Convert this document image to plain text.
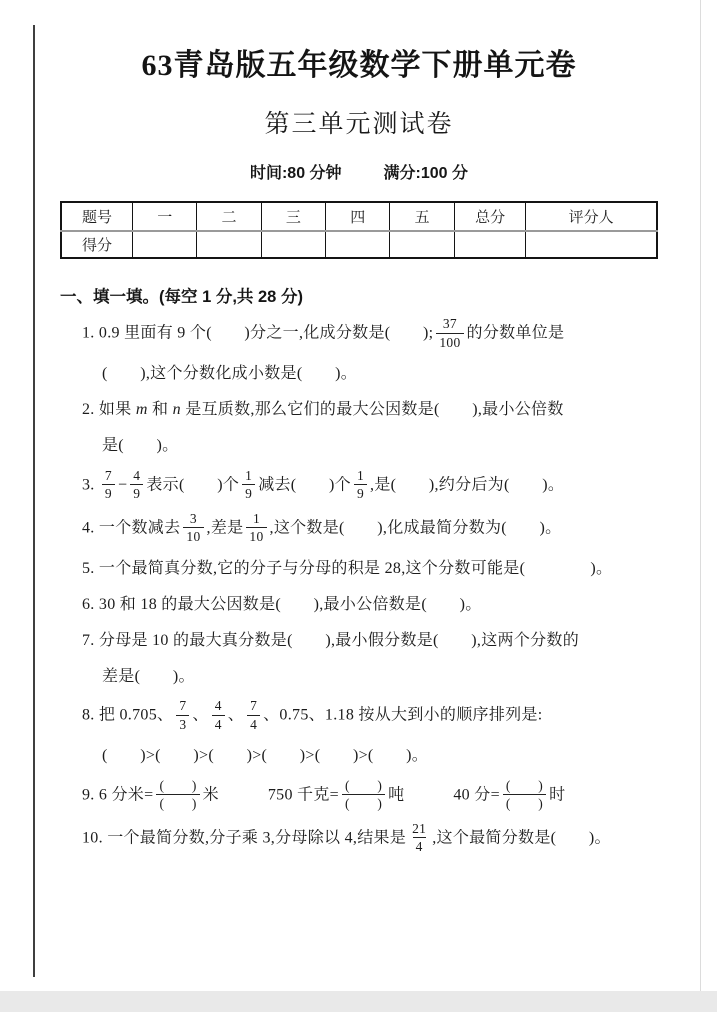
63青岛版五年级数学下册单元卷
第三单元测试卷
时间:80 分钟	满分:100 分
题号	一	二	三	四	五	总分	评分人
得分							
一、填一填。(每空 1 分,共 28 分)
1. 0.9 里面有 9 个(　　)分之一,化成分数是(　　); $\frac{37}{100}$ 的分数单位是
(　　),这个分数化成小数是(　　)。
2. 如果 m 和 n 是互质数,那么它们的最大公因数是(　　),最小公倍数
是(　　)。
3. $\frac{7}{9} - \frac{4}{9}$ 表示(　　)个 $\frac{1}{9}$ 减去(　　)个 $\frac{1}{9}$ ,是(　　),约分后为(　　)。
4. 一个数减去 $\frac{3}{10}$ ,差是 $\frac{1}{10}$ ,这个数是(　　),化成最简分数为(　　)。
5. 一个最简真分数,它的分子与分母的积是 28,这个分数可能是(　　　　)。
6. 30 和 18 的最大公因数是(　　),最小公倍数是(　　)。
7. 分母是 10 的最大真分数是(　　),最小假分数是(　　),这两个分数的
差是(　　)。
8. 把 0.705、 $\frac{7}{3}$ 、 $\frac{4}{4}$ 、 $\frac{7}{4}$ 、0.75、1.18 按从大到小的顺序排列是:
(　　)>(　　)>(　　)>(　　)>(　　)>(　　)。
9. 6 分米= $\frac{( )}{( )}$ 米　　　750 千克= $\frac{( )}{( )}$ 吨　　　40 分= $\frac{( )}{( )}$ 时
10. 一个最简分数,分子乘 3,分母除以 4,结果是 $\frac{21}{4}$ ,这个最简分数是(　　)。
